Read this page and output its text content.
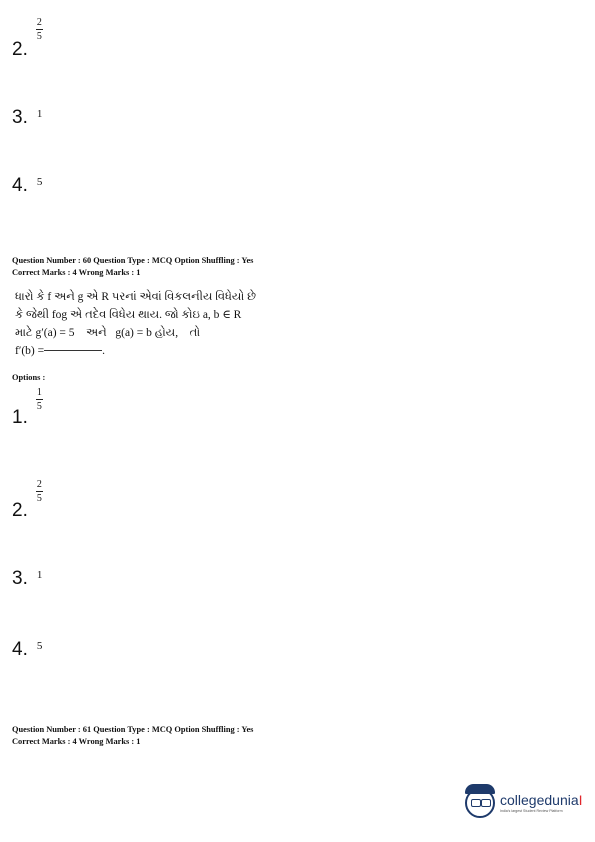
2.
$\frac{2}{5}$
3. 1
4. 5
Question Number : 60 Question Type : MCQ Option Shuffling : Yes
Correct Marks : 4 Wrong Marks : 1
ધારો કે f અને g એ R પરનાં એવાં વિકલનીય વિધેયો છે
કે જેથી fog એ તદેવ વિધેય થાય. જો કોઇ a, b ∈ R
માટે g′(a) = 5 અને g(a) = b હોય, તો
f′(b) =	.
Options :
1.
$\frac{1}{5}$
2.
$\frac{2}{5}$
3. 1
4. 5
Question Number : 61 Question Type : MCQ Option Shuffling : Yes
Correct Marks : 4 Wrong Marks : 1
collegeduniaI
India's largest Student Review Platform
